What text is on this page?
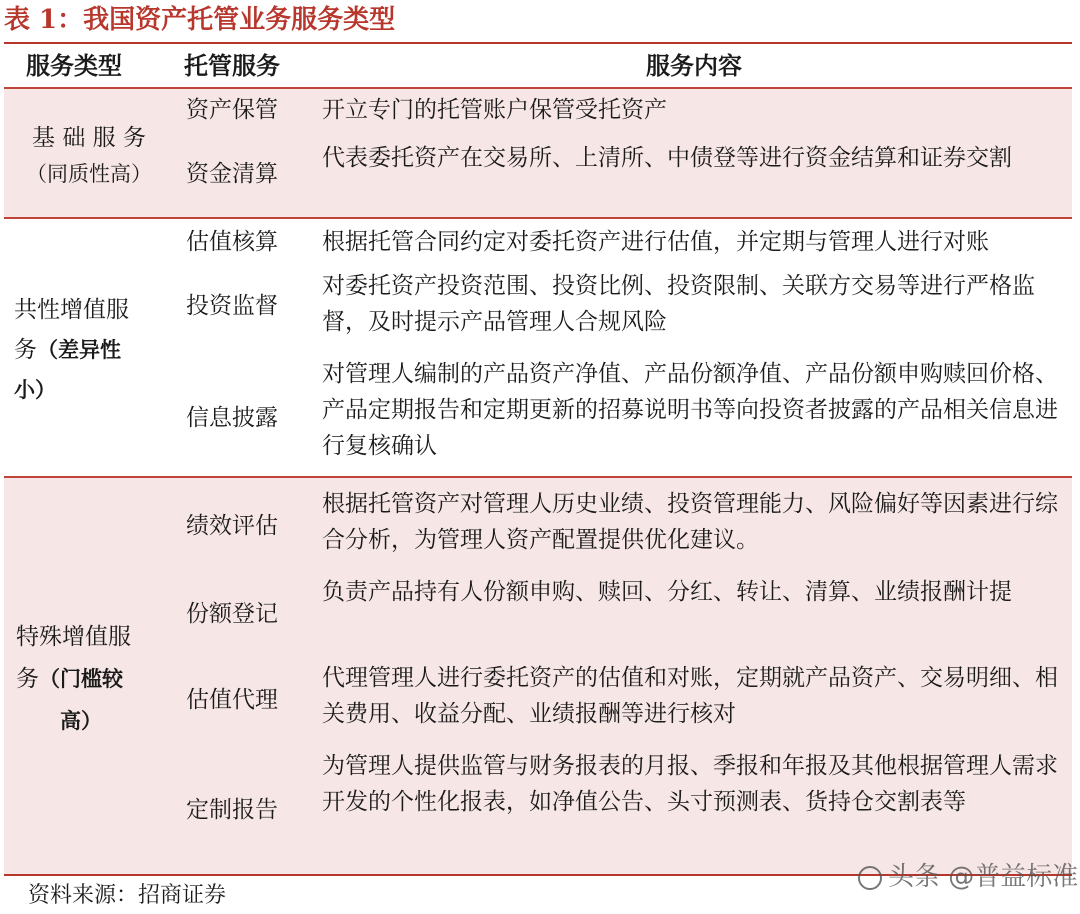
表 1：我国资产托管业务服务类型
服务类型	托管服务	服务内容
基 础 服 务
（同质性高）
资产保管 开立专门的托管账户保管受托资产
资金清算
代表委托资产在交易所、上清所、中债登等进行资金结算和证券交割
共性增值服
务（差异性
小）
估值核算 根据托管合同约定对委托资产进行估值，并定期与管理人进行对账
投资监督
对委托资产投资范围、投资比例、投资限制、关联方交易等进行严格监督，及时提示产品管理人合规风险
信息披露
对管理人编制的产品资产净值、产品份额净值、产品份额申购赎回价格、产品定期报告和定期更新的招募说明书等向投资者披露的产品相关信息进行复核确认
特殊增值服
务（门槛较
高）
绩效评估
根据托管资产对管理人历史业绩、投资管理能力、风险偏好等因素进行综合分析，为管理人资产配置提供优化建议。
份额登记
负责产品持有人份额申购、赎回、分红、转让、清算、业绩报酬计提
估值代理
代理管理人进行委托资产的估值和对账，定期就产品资产、交易明细、相关费用、收益分配、业绩报酬等进行核对
定制报告
为管理人提供监管与财务报表的月报、季报和年报及其他根据管理人需求开发的个性化报表，如净值公告、头寸预测表、货持仓交割表等
资料来源：招商证券
头条 @普益标准
